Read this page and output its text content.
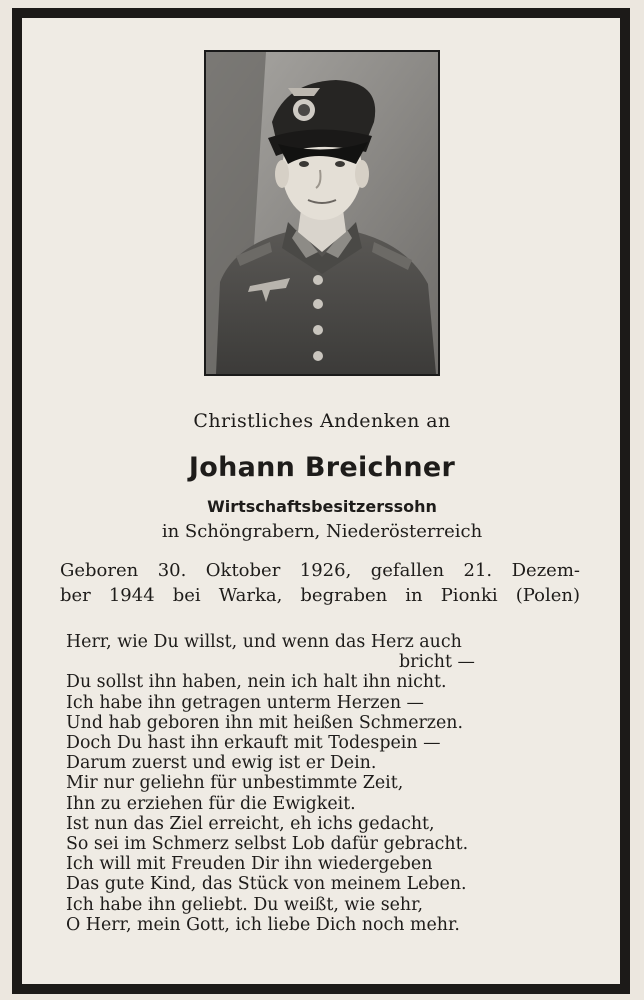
Christliches Andenken an
Johann Breichner
Wirtschaftsbesitzerssohn
in Schöngrabern, Niederösterreich
Geboren 30. Oktober 1926, gefallen 21. Dezem-
ber 1944 bei Warka, begraben in Pionki (Polen)
Herr, wie Du willst, und wenn das Herz auch
bricht —
Du sollst ihn haben, nein ich halt ihn nicht.
Ich habe ihn getragen unterm Herzen —
Und hab geboren ihn mit heißen Schmerzen.
Doch Du hast ihn erkauft mit Todespein —
Darum zuerst und ewig ist er Dein.
Mir nur geliehn für unbestimmte Zeit,
Ihn zu erziehen für die Ewigkeit.
Ist nun das Ziel erreicht, eh ichs gedacht,
So sei im Schmerz selbst Lob dafür gebracht.
Ich will mit Freuden Dir ihn wiedergeben
Das gute Kind, das Stück von meinem Leben.
Ich habe ihn geliebt. Du weißt, wie sehr,
O Herr, mein Gott, ich liebe Dich noch mehr.
